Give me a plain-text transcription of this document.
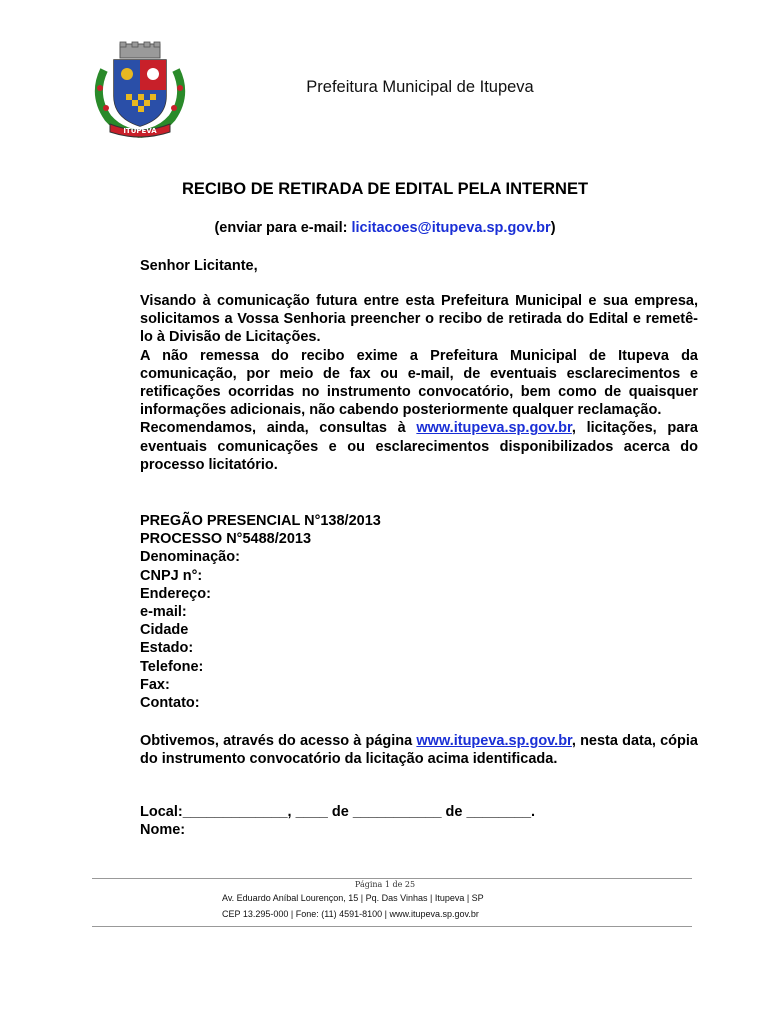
ITUPEVA
Prefeitura Municipal de Itupeva
RECIBO DE RETIRADA DE EDITAL PELA INTERNET
(enviar para e-mail: licitacoes@itupeva.sp.gov.br)
Senhor Licitante,
Visando à comunicação futura entre esta Prefeitura Municipal e sua empresa, solicitamos a Vossa Senhoria preencher o recibo de retirada do Edital e remetê-lo à Divisão de Licitações.
A não remessa do recibo exime a Prefeitura Municipal de Itupeva da comunicação, por meio de fax ou e-mail, de eventuais esclarecimentos e retificações ocorridas no instrumento convocatório, bem como de quaisquer informações adicionais, não cabendo posteriormente qualquer reclamação.
Recomendamos, ainda, consultas à www.itupeva.sp.gov.br, licitações, para eventuais comunicações e ou esclarecimentos disponibilizados acerca do processo licitatório.
PREGÃO PRESENCIAL N°138/2013
PROCESSO N°5488/2013
Denominação:
CNPJ n°:
Endereço:
e-mail:
Cidade
Estado:
Telefone:
Fax:
Contato:
Obtivemos, através do acesso à página www.itupeva.sp.gov.br, nesta data, cópia do instrumento convocatório da licitação acima identificada.
Local:_____________, ____ de ___________ de ________.
Nome:
Página 1 de 25
Av. Eduardo Aníbal Lourençon, 15 | Pq. Das Vinhas | Itupeva | SP
CEP 13.295-000 | Fone: (11) 4591-8100 | www.itupeva.sp.gov.br
